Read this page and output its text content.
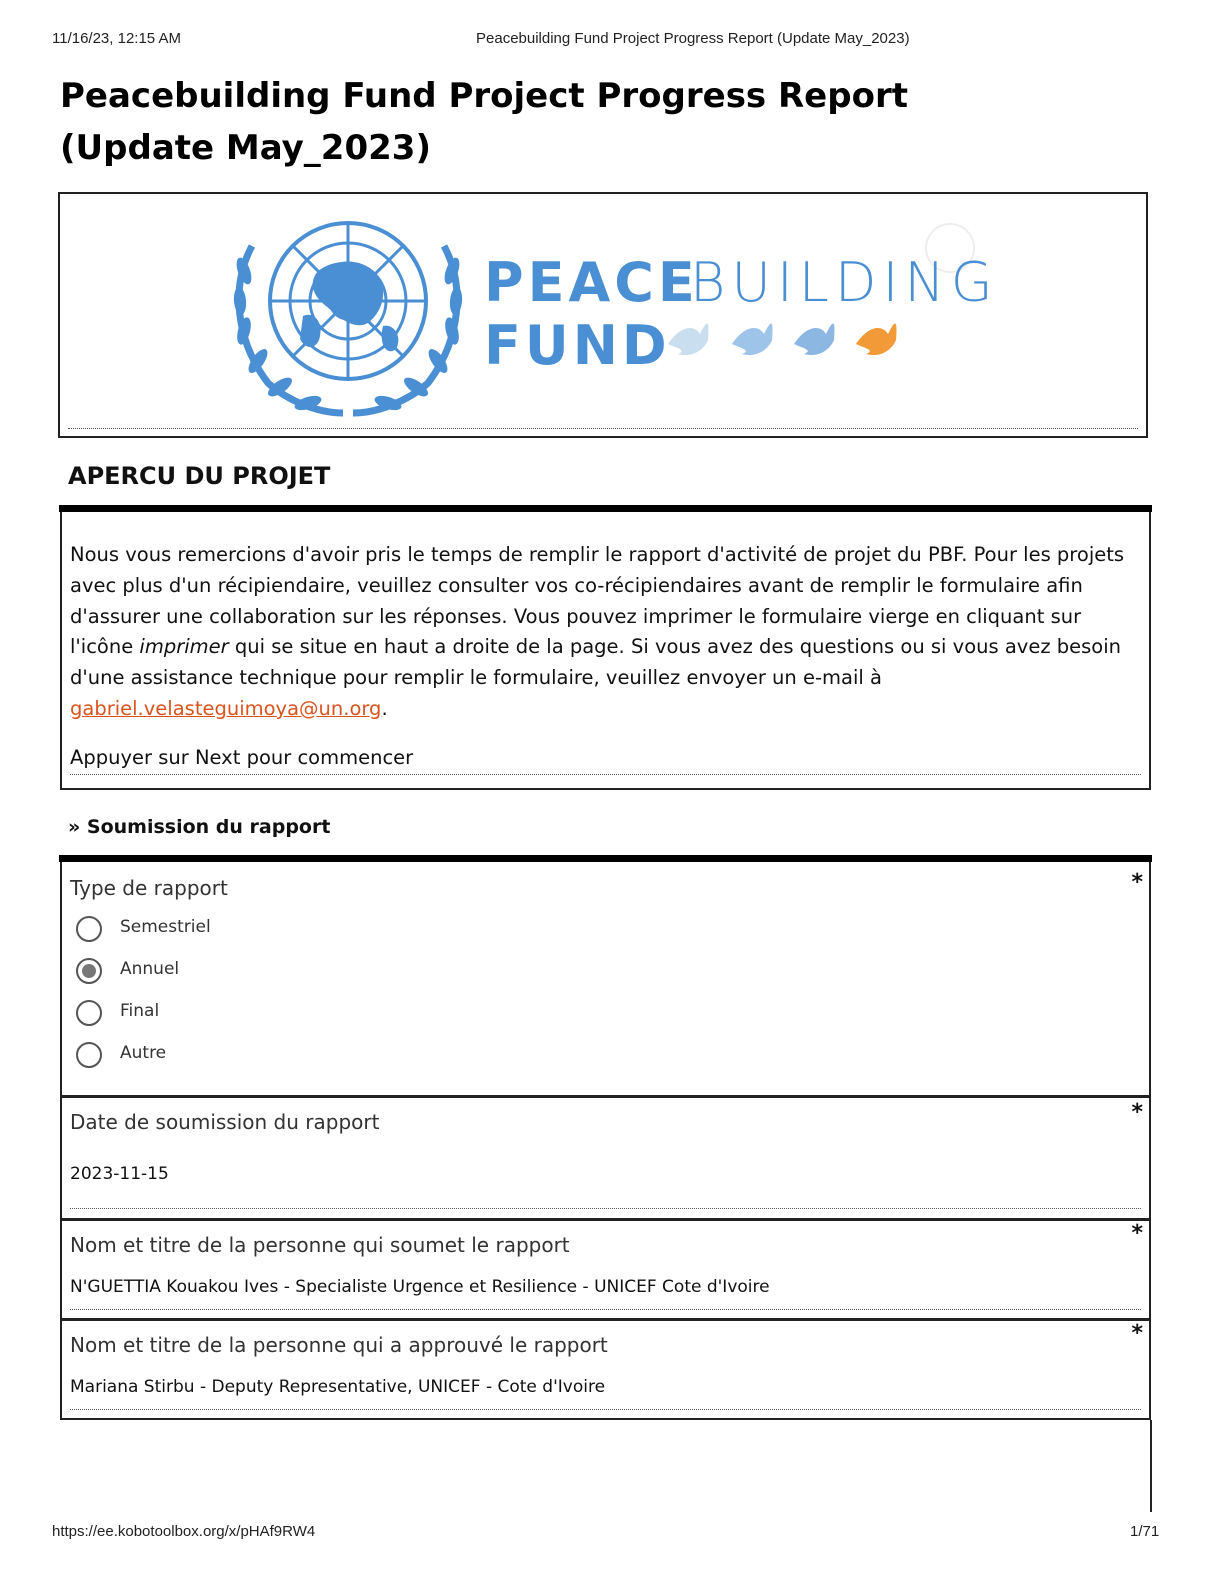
11/16/23, 12:15 AM	Peacebuilding Fund Project Progress Report (Update May_2023)
Peacebuilding Fund Project Progress Report (Update May_2023)
PEACE
BUILDING
FUND
APERCU DU PROJET

Nous vous remercions d'avoir pris le temps de remplir le rapport d'activité de projet du PBF. Pour les projets avec plus d'un récipiendaire, veuillez consulter vos co-récipiendaires avant de remplir le formulaire afin d'assurer une collaboration sur les réponses. Vous pouvez imprimer le formulaire vierge en cliquant sur l'icône imprimer qui se situe en haut a droite de la page. Si vous avez des questions ou si vous avez besoin d'une assistance technique pour remplir le formulaire, veuillez envoyer un e-mail à gabriel.velasteguimoya@un.org.

Appuyer sur Next pour commencer

» Soumission du rapport

Type de rapport	*
Semestriel
Annuel
Final
Autre

Date de soumission du rapport	*

2023-11-15

Nom et titre de la personne qui soumet le rapport	*

N'GUETTIA Kouakou Ives - Specialiste Urgence et Resilience - UNICEF Cote d'Ivoire

Nom et titre de la personne qui a approuvé le rapport	*

Mariana Stirbu - Deputy Representative, UNICEF - Cote d'Ivoire

https://ee.kobotoolbox.org/x/pHAf9RW4	1/71
